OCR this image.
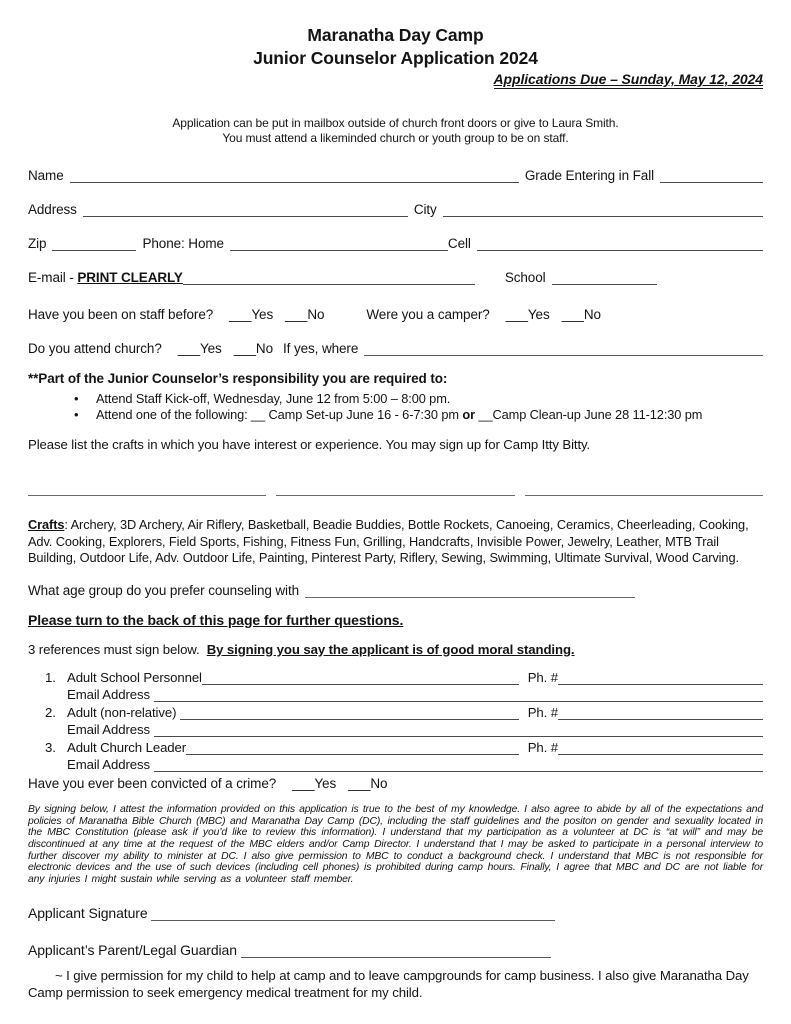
Maranatha Day Camp
Junior Counselor Application 2024
Applications Due – Sunday, May 12, 2024
Application can be put in mailbox outside of church front doors or give to Laura Smith.
You must attend a likeminded church or youth group to be on staff.
Name	Grade Entering in Fall
Address	City
Zip	Phone: Home	Cell
E-mail - PRINT CLEARLY	School
Have you been on staff before? ___Yes ___No	Were you a camper? ___Yes ___No
Do you attend church? ___Yes ___No If yes, where
**Part of the Junior Counselor’s responsibility you are required to:
• Attend Staff Kick-off, Wednesday, June 12 from 5:00 – 8:00 pm.
• Attend one of the following: __ Camp Set-up June 16 - 6-7:30 pm or __Camp Clean-up June 28 11-12:30 pm
Please list the crafts in which you have interest or experience. You may sign up for Camp Itty Bitty.
Crafts: Archery, 3D Archery, Air Riflery, Basketball, Beadie Buddies, Bottle Rockets, Canoeing, Ceramics, Cheerleading, Cooking, Adv. Cooking, Explorers, Field Sports, Fishing, Fitness Fun, Grilling, Handcrafts, Invisible Power, Jewelry, Leather, MTB Trail Building, Outdoor Life, Adv. Outdoor Life, Painting, Pinterest Party, Riflery, Sewing, Swimming, Ultimate Survival, Wood Carving.
What age group do you prefer counseling with
Please turn to the back of this page for further questions.
3 references must sign below.  By signing you say the applicant is of good moral standing.
1. Adult School Personnel	Ph. #
Email Address
2. Adult (non-relative)	Ph. #
Email Address
3. Adult Church Leader	Ph. #
Email Address
Have you ever been convicted of a crime? ___Yes ___No
By signing below, I attest the information provided on this application is true to the best of my knowledge. I also agree to abide by all of the expectations and policies of Maranatha Bible Church (MBC) and Maranatha Day Camp (DC), including the staff guidelines and the positon on gender and sexuality located in the MBC Constitution (please ask if you’d like to review this information). I understand that my participation as a volunteer at DC is “at will” and may be discontinued at any time at the request of the MBC elders and/or Camp Director. I understand that I may be asked to participate in a personal interview to further discover my ability to minister at DC. I also give permission to MBC to conduct a background check. I understand that MBC is not responsible for electronic devices and the use of such devices (including cell phones) is prohibited during camp hours. Finally, I agree that MBC and DC are not liable for any injuries I might sustain while serving as a volunteer staff member.
Applicant Signature
Applicant’s Parent/Legal Guardian
~ I give permission for my child to help at camp and to leave campgrounds for camp business. I also give Maranatha Day Camp permission to seek emergency medical treatment for my child.
